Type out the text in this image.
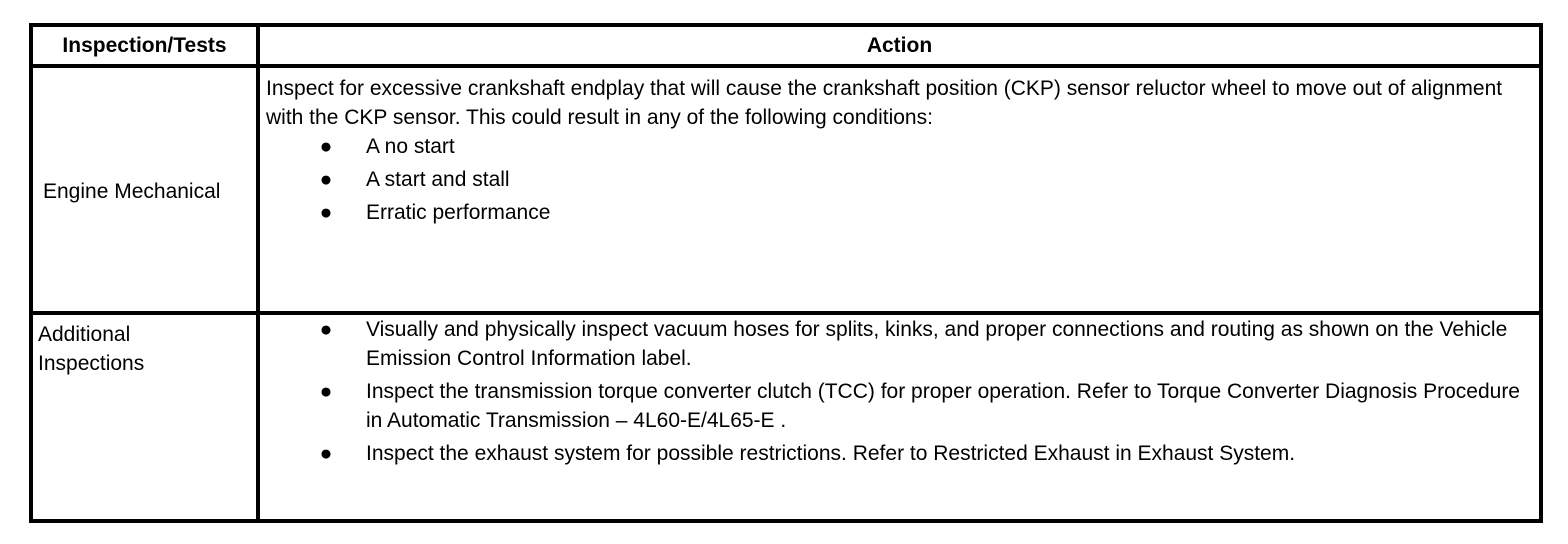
Inspection/Tests	Action
Engine Mechanical

Inspect for excessive crankshaft endplay that will cause the crankshaft position (CKP) sensor reluctor wheel to move out of alignment with the CKP sensor. This could result in any of the following conditions:

● A no start
● A start and stall
● Erratic performance
Additional Inspections
● Visually and physically inspect vacuum hoses for splits, kinks, and proper connections and routing as shown on the Vehicle Emission Control Information label.
● Inspect the transmission torque converter clutch (TCC) for proper operation. Refer to Torque Converter Diagnosis Procedure in Automatic Transmission – 4L60-E/4L65-E .
● Inspect the exhaust system for possible restrictions. Refer to Restricted Exhaust in Exhaust System.
